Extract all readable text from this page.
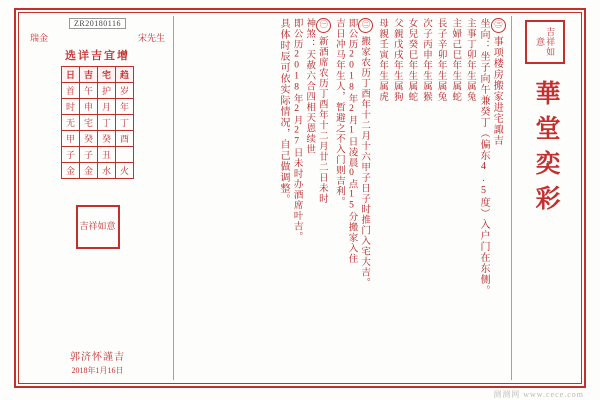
吉祥如意
華堂奕彩
㊂
事项楼房搬家进宅諏吉
坐向：坐子向午兼癸丁（偏东4.5度）入户门在东侧。
主事
丁卯年生
属兔
主婦
己巳年生
属蛇
長子
辛卯年生
属兔
次子
丙申年生
属猴
女兒
癸巳年生
属蛇
父親
戊戌年生
属狗
母親
壬寅年生
属虎
㊁
搬家农历丁酉年十二月十六甲子日子时推门入宅大吉。
即公历2018年2月1日凌晨0点15分搬家入住
吉日冲马年生人，暂避之不入门则吉利。
㊀
新酒席农历丁酉年十二月廿二日未时
神煞：天赦六合四相天恩续世
即公历2018年2月27日未时办酒席叶吉。
具体时辰可依实际情况，自己做调整。
ZR20180116
瑞金	宋先生
选详吉宜增
日	吉	宅	趋
首	午	护	岁
时	申	月	年
无	宅	丁	丁
甲	癸	癸	酉
子	子	丑	
金	金	水	火
吉祥如意
郭济怀謹吉
2018年1月16日
测测网 www.cece.com
